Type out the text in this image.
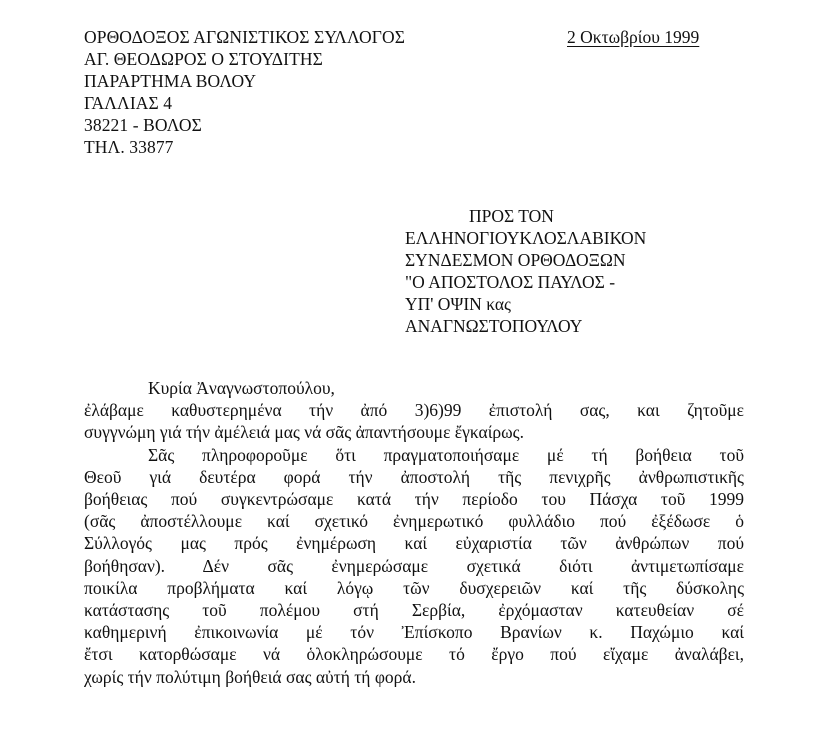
ΟΡΘΟΔΟΞΟΣ ΑΓΩΝΙΣΤΙΚΟΣ ΣΥΛΛΟΓΟΣ
ΑΓ. ΘΕΟΔΩΡΟΣ Ο ΣΤΟΥΔΙΤΗΣ
ΠΑΡΑΡΤΗΜΑ ΒΟΛΟΥ
ΓΑΛΛΙΑΣ 4
38221 - ΒΟΛΟΣ
ΤΗΛ. 33877
2 Οκτωβρίου 1999
ΠΡΟΣ ΤΟΝ
ΕΛΛΗΝΟΓΙΟΥΚΛΟΣΛΑΒΙΚΟΝ
ΣΥΝΔΕΣΜΟΝ ΟΡΘΟΔΟΞΩΝ
"Ο ΑΠΟΣΤΟΛΟΣ ΠΑΥΛΟΣ -
ΥΠ' ΟΨΙΝ κας
ΑΝΑΓΝΩΣΤΟΠΟΥΛΟΥ
Κυρία Ἀναγνωστοπούλου,
ἐλάβαμε καθυστερημένα τήν ἀπό 3)6)99 ἐπιστολή σας, και ζητοῦμε
συγγνώμη γιά τήν ἀμέλειά μας νά σᾶς ἀπαντήσουμε ἔγκαίρως.
Σᾶς πληροφοροῦμε ὅτι πραγματοποιήσαμε μέ τή βοήθεια τοῦ
Θεοῦ γιά δευτέρα φορά τήν ἀποστολή τῆς πενιχρῆς ἀνθρωπιστικῆς
βοήθειας πού συγκεντρώσαμε κατά τήν περίοδο του Πάσχα τοῦ 1999
(σᾶς ἀποστέλλουμε καί σχετικό ἐνημερωτικό φυλλάδιο πού ἐξέδωσε ὁ
Σύλλογός μας πρός ἐνημέρωση καί εὐχαριστία τῶν ἀνθρώπων πού
βοήθησαν). Δέν σᾶς ἐνημερώσαμε σχετικά διότι ἀντιμετωπίσαμε
ποικίλα προβλήματα καί λόγῳ τῶν δυσχερειῶν καί τῆς δύσκολης
κατάστασης τοῦ πολέμου στή Σερβία, ἐρχόμασταν κατευθείαν σέ
καθημερινή ἐπικοινωνία μέ τόν Ἐπίσκοπο Βρανίων κ. Παχώμιο καί
ἔτσι κατορθώσαμε νά ὁλοκληρώσουμε τό ἔργο πού εἴχαμε ἀναλάβει,
χωρίς τήν πολύτιμη βοήθειά σας αὐτή τή φορά.
